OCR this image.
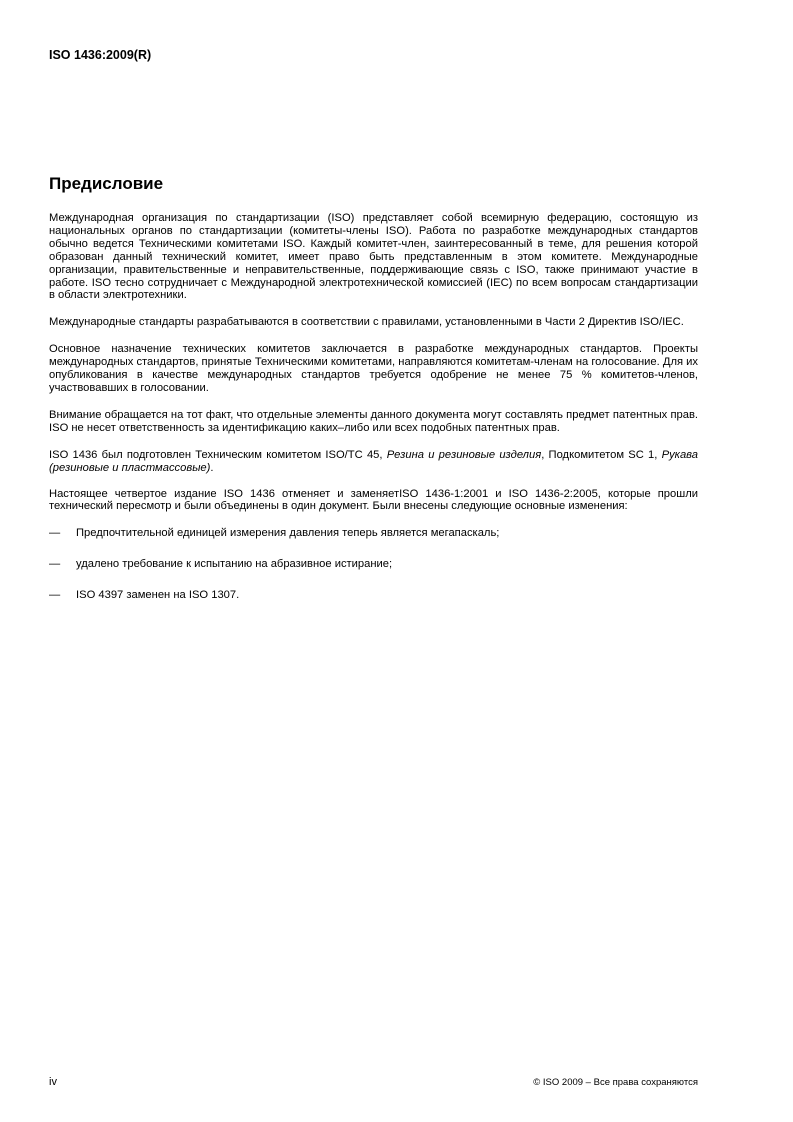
ISO 1436:2009(R)
Предисловие

Международная организация по стандартизации (ISO) представляет собой всемирную федерацию, состоящую из национальных органов по стандартизации (комитеты-члены ISO). Работа по разработке международных стандартов обычно ведется Техническими комитетами ISO. Каждый комитет-член, заинтересованный в теме, для решения которой образован данный технический комитет, имеет право быть представленным в этом комитете. Международные организации, правительственные и неправительственные, поддерживающие связь с ISO, также принимают участие в работе. ISO тесно сотрудничает с Международной электротехнической комиссией (IEC) по всем вопросам стандартизации в области электротехники.

Международные стандарты разрабатываются в соответствии с правилами, установленными в Части 2 Директив ISO/IEC.

Основное назначение технических комитетов заключается в разработке международных стандартов. Проекты международных стандартов, принятые Техническими комитетами, направляются комитетам-членам на голосование. Для их опубликования в качестве международных стандартов требуется одобрение не менее 75 % комитетов-членов, участвовавших в голосовании.

Внимание обращается на тот факт, что отдельные элементы данного документа могут составлять предмет патентных прав. ISO не несет ответственность за идентификацию каких–либо или всех подобных патентных прав.

ISO 1436 был подготовлен Техническим комитетом ISO/TC 45, Резина и резиновые изделия, Подкомитетом SC 1, Рукава (резиновые и пластмассовые).

Настоящее четвертое издание ISO 1436 отменяет и заменяетISO 1436-1:2001 и ISO 1436-2:2005, которые прошли технический пересмотр и были объединены в один документ. Были внесены следующие основные изменения:

— Предпочтительной единицей измерения давления теперь является мегапаскаль;
— удалено требование к испытанию на абразивное истирание;
— ISO 4397 заменен на ISO 1307.
iv	© ISO 2009 – Все права сохраняются
